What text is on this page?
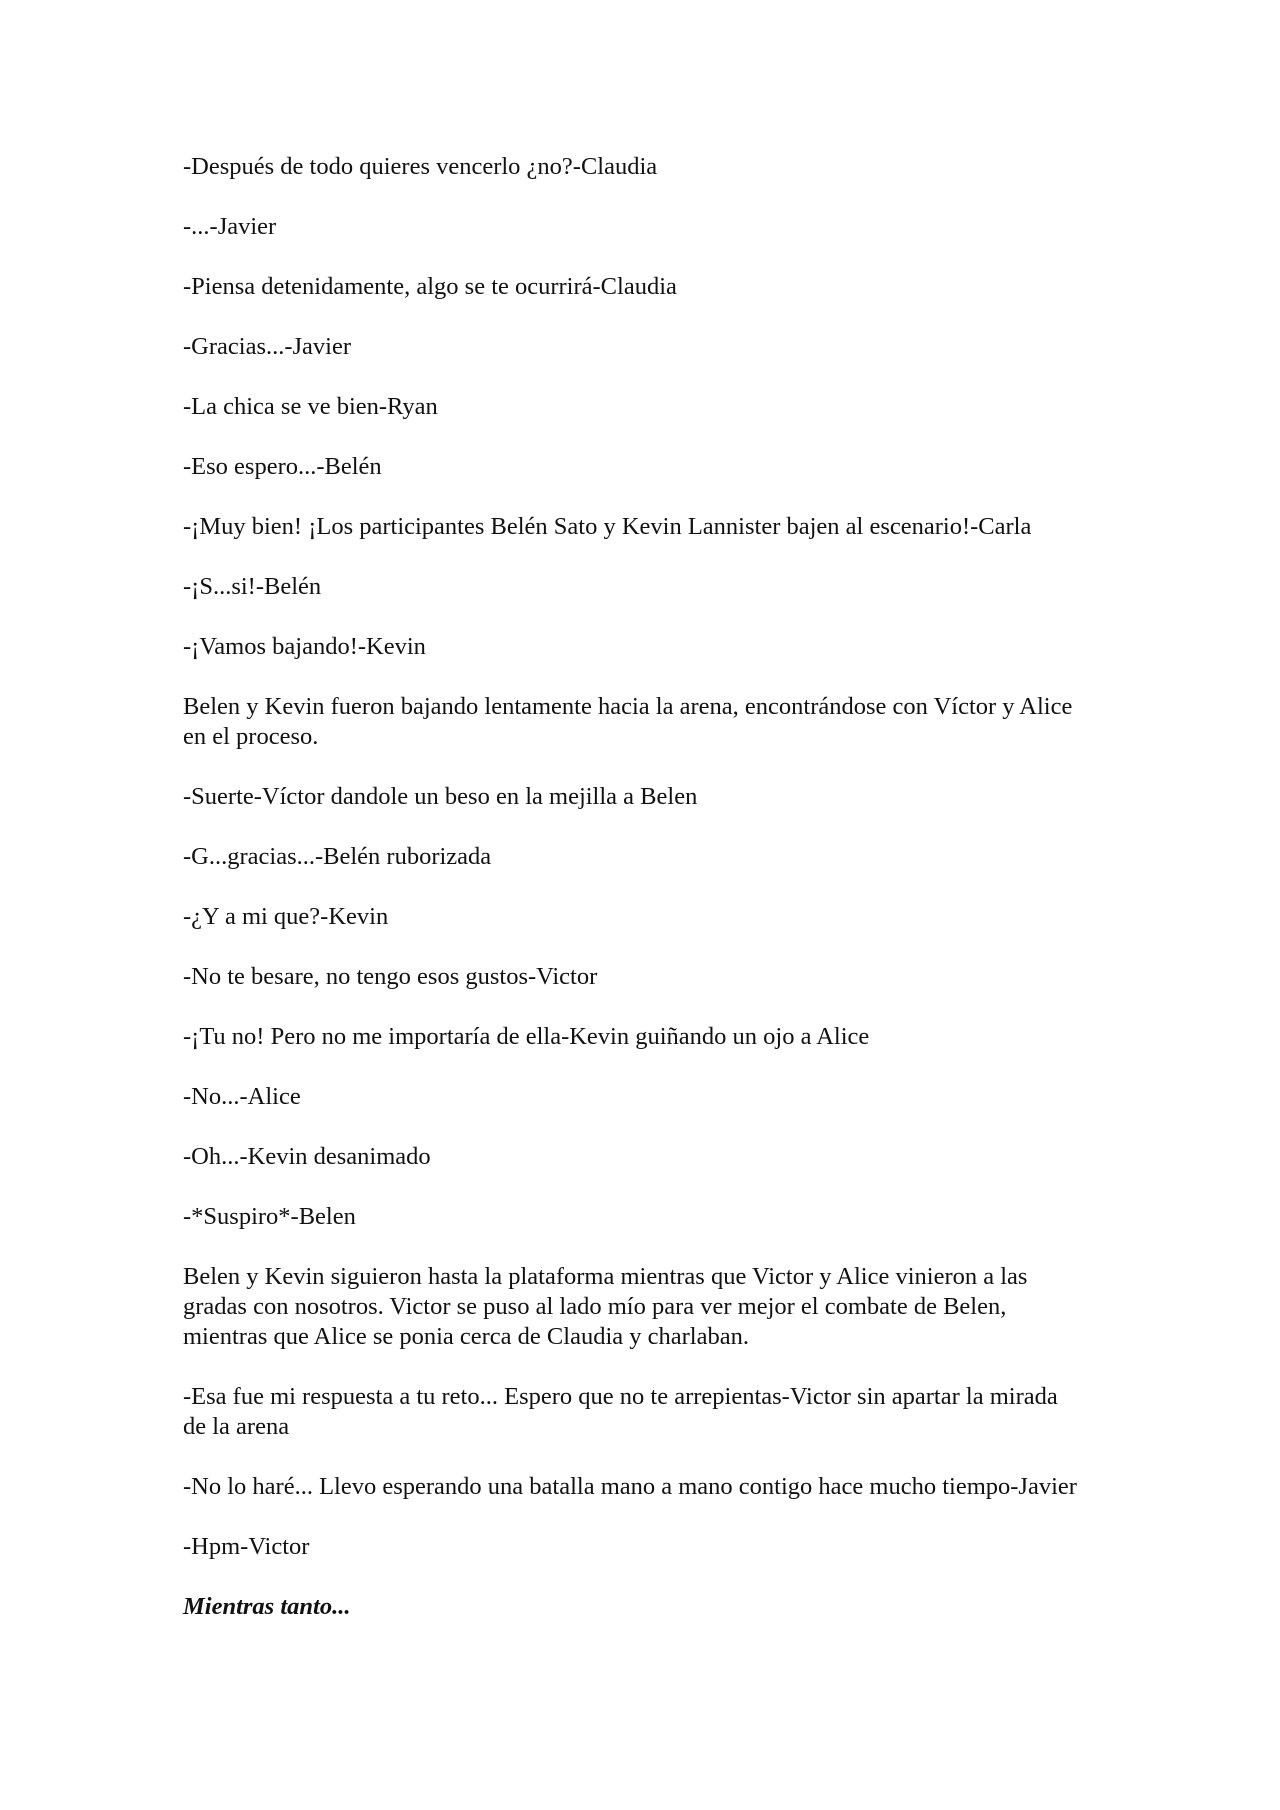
-Después de todo quieres vencerlo ¿no?-Claudia

-...-Javier

-Piensa detenidamente, algo se te ocurrirá-Claudia

-Gracias...-Javier

-La chica se ve bien-Ryan

-Eso espero...-Belén

-¡Muy bien! ¡Los participantes Belén Sato y Kevin Lannister bajen al escenario!-Carla

-¡S...si!-Belén

-¡Vamos bajando!-Kevin

Belen y Kevin fueron bajando lentamente hacia la arena, encontrándose con Víctor y Alice en el proceso.

-Suerte-Víctor dandole un beso en la mejilla a Belen

-G...gracias...-Belén ruborizada

-¿Y a mi que?-Kevin

-No te besare, no tengo esos gustos-Victor

-¡Tu no! Pero no me importaría de ella-Kevin guiñando un ojo a Alice

-No...-Alice

-Oh...-Kevin desanimado

-*Suspiro*-Belen

Belen y Kevin siguieron hasta la plataforma mientras que Victor y Alice vinieron a las gradas con nosotros. Victor se puso al lado mío para ver mejor el combate de Belen, mientras que Alice se ponia cerca de Claudia y charlaban.

-Esa fue mi respuesta a tu reto... Espero que no te arrepientas-Victor sin apartar la mirada de la arena

-No lo haré... Llevo esperando una batalla mano a mano contigo hace mucho tiempo-Javier

-Hpm-Victor

Mientras tanto...
